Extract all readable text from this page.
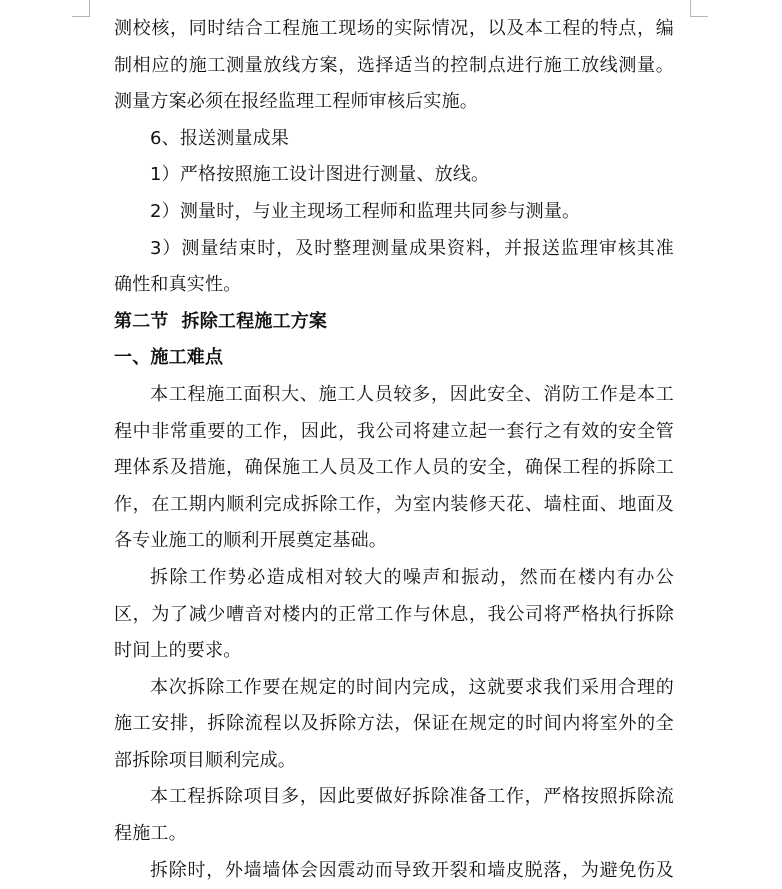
测校核，同时结合工程施工现场的实际情况，以及本工程的特点，编
制相应的施工测量放线方案，选择适当的控制点进行施工放线测量。
测量方案必须在报经监理工程师审核后实施。
6、报送测量成果
1）严格按照施工设计图进行测量、放线。
2）测量时，与业主现场工程师和监理共同参与测量。
3）测量结束时，及时整理测量成果资料，并报送监理审核其准
确性和真实性。
第二节  拆除工程施工方案
一、施工难点
本工程施工面积大、施工人员较多，因此安全、消防工作是本工
程中非常重要的工作，因此，我公司将建立起一套行之有效的安全管
理体系及措施，确保施工人员及工作人员的安全，确保工程的拆除工
作，在工期内顺利完成拆除工作，为室内装修天花、墙柱面、地面及
各专业施工的顺利开展奠定基础。
拆除工作势必造成相对较大的噪声和振动，然而在楼内有办公
区，为了减少嘈音对楼内的正常工作与休息，我公司将严格执行拆除
时间上的要求。
本次拆除工作要在规定的时间内完成，这就要求我们采用合理的
施工安排，拆除流程以及拆除方法，保证在规定的时间内将室外的全
部拆除项目顺利完成。
本工程拆除项目多，因此要做好拆除准备工作，严格按照拆除流
程施工。
拆除时，外墙墙体会因震动而导致开裂和墙皮脱落，为避免伤及
